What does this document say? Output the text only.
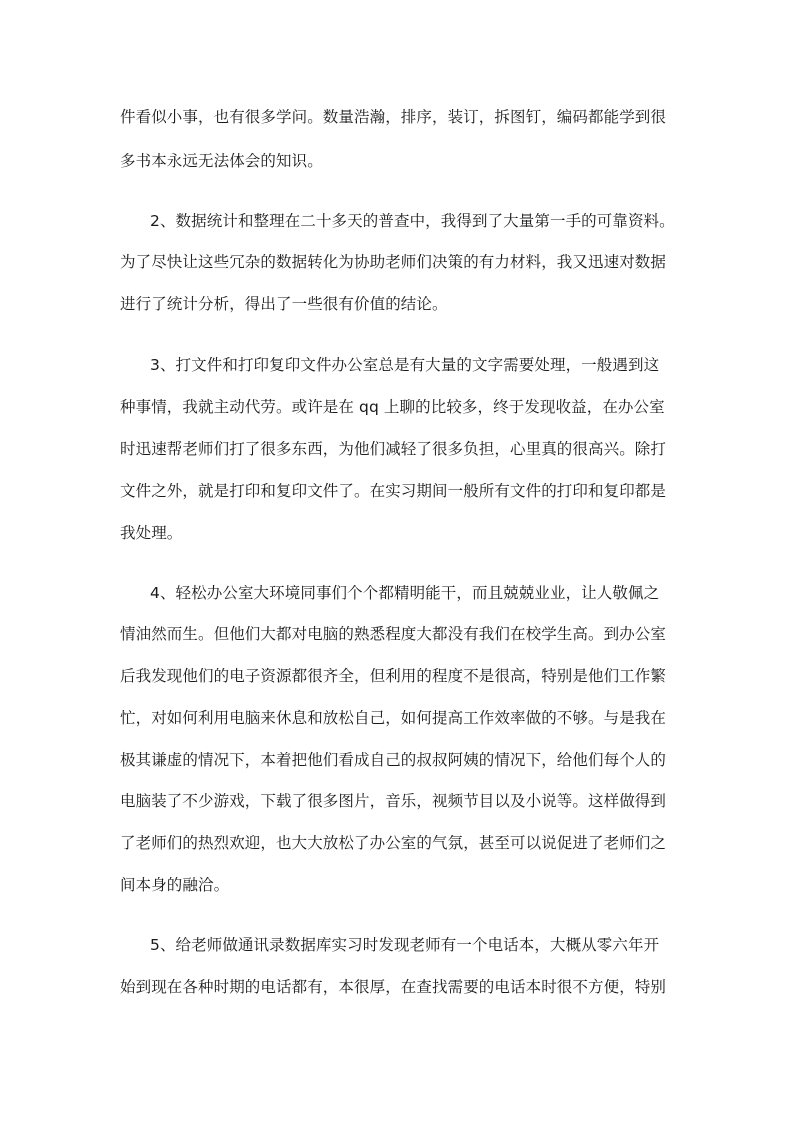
件看似小事，也有很多学问。数量浩瀚，排序，装订，拆图钉，编码都能学到很
多书本永远无法体会的知识。
2、数据统计和整理在二十多天的普查中，我得到了大量第一手的可靠资料。
为了尽快让这些冗杂的数据转化为协助老师们决策的有力材料，我又迅速对数据
进行了统计分析，得出了一些很有价值的结论。
3、打文件和打印复印文件办公室总是有大量的文字需要处理，一般遇到这
种事情，我就主动代劳。或许是在 qq 上聊的比较多，终于发现收益，在办公室
时迅速帮老师们打了很多东西，为他们减轻了很多负担，心里真的很高兴。除打
文件之外，就是打印和复印文件了。在实习期间一般所有文件的打印和复印都是
我处理。
4、轻松办公室大环境同事们个个都精明能干，而且兢兢业业，让人敬佩之
情油然而生。但他们大都对电脑的熟悉程度大都没有我们在校学生高。到办公室
后我发现他们的电子资源都很齐全，但利用的程度不是很高，特别是他们工作繁
忙，对如何利用电脑来休息和放松自己，如何提高工作效率做的不够。与是我在
极其谦虚的情况下，本着把他们看成自己的叔叔阿姨的情况下，给他们每个人的
电脑装了不少游戏，下载了很多图片，音乐，视频节目以及小说等。这样做得到
了老师们的热烈欢迎，也大大放松了办公室的气氛，甚至可以说促进了老师们之
间本身的融洽。
5、给老师做通讯录数据库实习时发现老师有一个电话本，大概从零六年开
始到现在各种时期的电话都有，本很厚，在查找需要的电话本时很不方便，特别
